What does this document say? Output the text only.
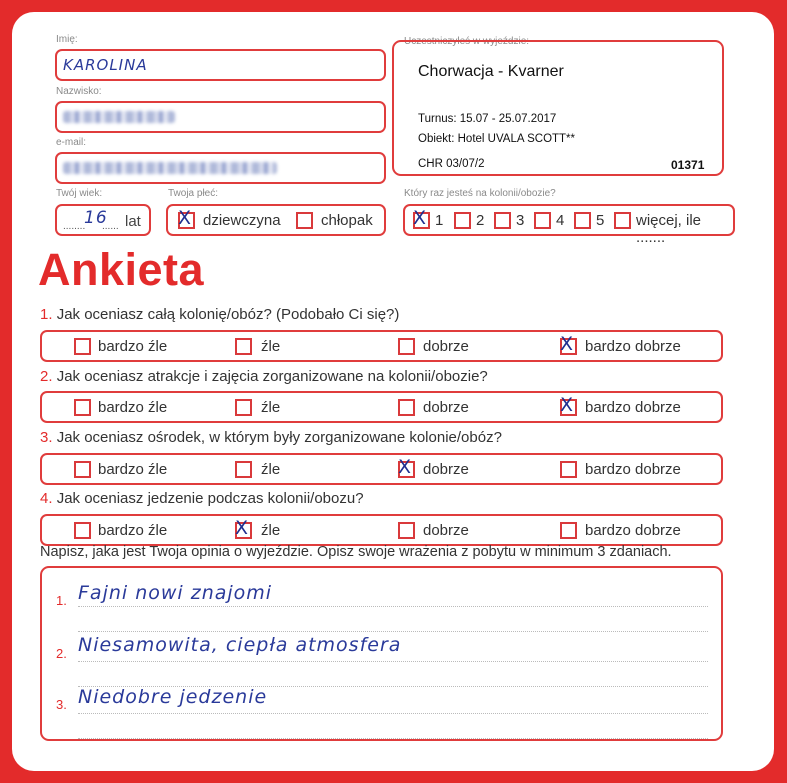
Imię:
KAROLINA
Nazwisko:
e-mail:
Twój wiek:
........
16
...... lat
Twoja płeć:
X dziewczyna	chłopak
Uczestniczyłeś w wyjeździe:
Chorwacja - Kvarner
Turnus: 15.07 - 25.07.2017
Obiekt: Hotel UVALA SCOTT**
CHR 03/07/2	01371
Który raz jesteś na kolonii/obozie?
X 1 2 3 4 5 więcej, ile .......
Ankieta
1. Jak oceniasz całą kolonię/obóz? (Podobało Ci się?)
bardzo źle	źle	dobrze	X bardzo dobrze
2. Jak oceniasz atrakcje i zajęcia zorganizowane na kolonii/obozie?
bardzo źle	źle	dobrze	X bardzo dobrze
3. Jak oceniasz ośrodek, w którym były zorganizowane kolonie/obóz?
bardzo źle	źle	X dobrze	bardzo dobrze
4. Jak oceniasz jedzenie podczas kolonii/obozu?
bardzo źle	X źle	dobrze	bardzo dobrze
Napisz, jaka jest Twoja opinia o wyjeździe. Opisz swoje wrażenia z pobytu w minimum 3 zdaniach.
1. Fajni nowi znajomi
2. Niesamowita, ciepła atmosfera
3. Niedobre jedzenie
